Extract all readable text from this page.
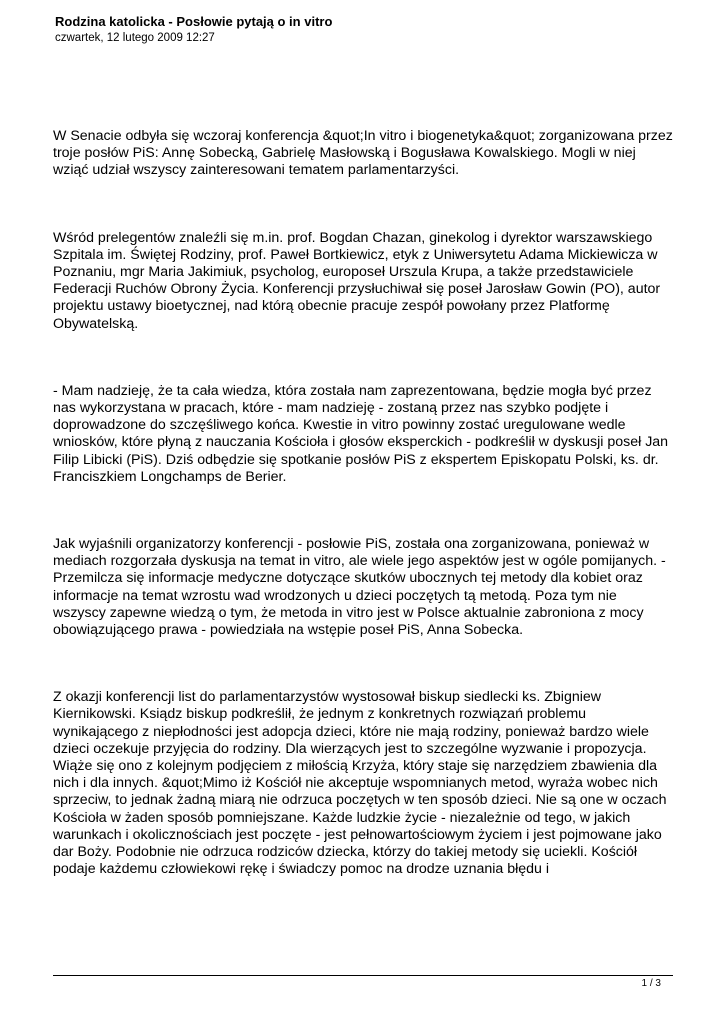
Rodzina katolicka - Posłowie pytają o in vitro
czwartek, 12 lutego 2009 12:27

W Senacie odbyła się wczoraj konferencja &quot;In vitro i biogenetyka&quot; zorganizowana przez troje posłów PiS: Annę Sobecką, Gabrielę Masłowską i Bogusława Kowalskiego. Mogli w niej wziąć udział wszyscy zainteresowani tematem parlamentarzyści.

Wśród prelegentów znaleźli się m.in. prof. Bogdan Chazan, ginekolog i dyrektor warszawskiego Szpitala im. Świętej Rodziny, prof. Paweł Bortkiewicz, etyk z Uniwersytetu Adama Mickiewicza w Poznaniu, mgr Maria Jakimiuk, psycholog, europoseł Urszula Krupa, a także przedstawiciele Federacji Ruchów Obrony Życia. Konferencji przysłuchiwał się poseł Jarosław Gowin (PO), autor projektu ustawy bioetycznej, nad którą obecnie pracuje zespół powołany przez Platformę Obywatelską.

- Mam nadzieję, że ta cała wiedza, która została nam zaprezentowana, będzie mogła być przez nas wykorzystana w pracach, które - mam nadzieję - zostaną przez nas szybko podjęte i doprowadzone do szczęśliwego końca. Kwestie in vitro powinny zostać uregulowane wedle wniosków, które płyną z nauczania Kościoła i głosów eksperckich - podkreślił w dyskusji poseł Jan Filip Libicki (PiS). Dziś odbędzie się spotkanie posłów PiS z ekspertem Episkopatu Polski, ks. dr. Franciszkiem Longchamps de Berier.

Jak wyjaśnili organizatorzy konferencji - posłowie PiS, została ona zorganizowana, ponieważ w mediach rozgorzała dyskusja na temat in vitro, ale wiele jego aspektów jest w ogóle pomijanych. - Przemilcza się informacje medyczne dotyczące skutków ubocznych tej metody dla kobiet oraz informacje na temat wzrostu wad wrodzonych u dzieci poczętych tą metodą. Poza tym nie wszyscy zapewne wiedzą o tym, że metoda in vitro jest w Polsce aktualnie zabroniona z mocy obowiązującego prawa - powiedziała na wstępie poseł PiS, Anna Sobecka.

Z okazji konferencji list do parlamentarzystów wystosował biskup siedlecki ks. Zbigniew Kiernikowski. Ksiądz biskup podkreślił, że jednym z konkretnych rozwiązań problemu wynikającego z niepłodności jest adopcja dzieci, które nie mają rodziny, ponieważ bardzo wiele dzieci oczekuje przyjęcia do rodziny. Dla wierzących jest to szczególne wyzwanie i propozycja. Wiąże się ono z kolejnym podjęciem z miłością Krzyża, który staje się narzędziem zbawienia dla nich i dla innych. &quot;Mimo iż Kościół nie akceptuje wspomnianych metod, wyraża wobec nich sprzeciw, to jednak żadną miarą nie odrzuca poczętych w ten sposób dzieci. Nie są one w oczach Kościoła w żaden sposób pomniejszane. Każde ludzkie życie - niezależnie od tego, w jakich warunkach i okolicznościach jest poczęte - jest pełnowartościowym życiem i jest pojmowane jako dar Boży. Podobnie nie odrzuca rodziców dziecka, którzy do takiej metody się uciekli. Kościół podaje każdemu człowiekowi rękę i świadczy pomoc na drodze uznania błędu i

1 / 3
